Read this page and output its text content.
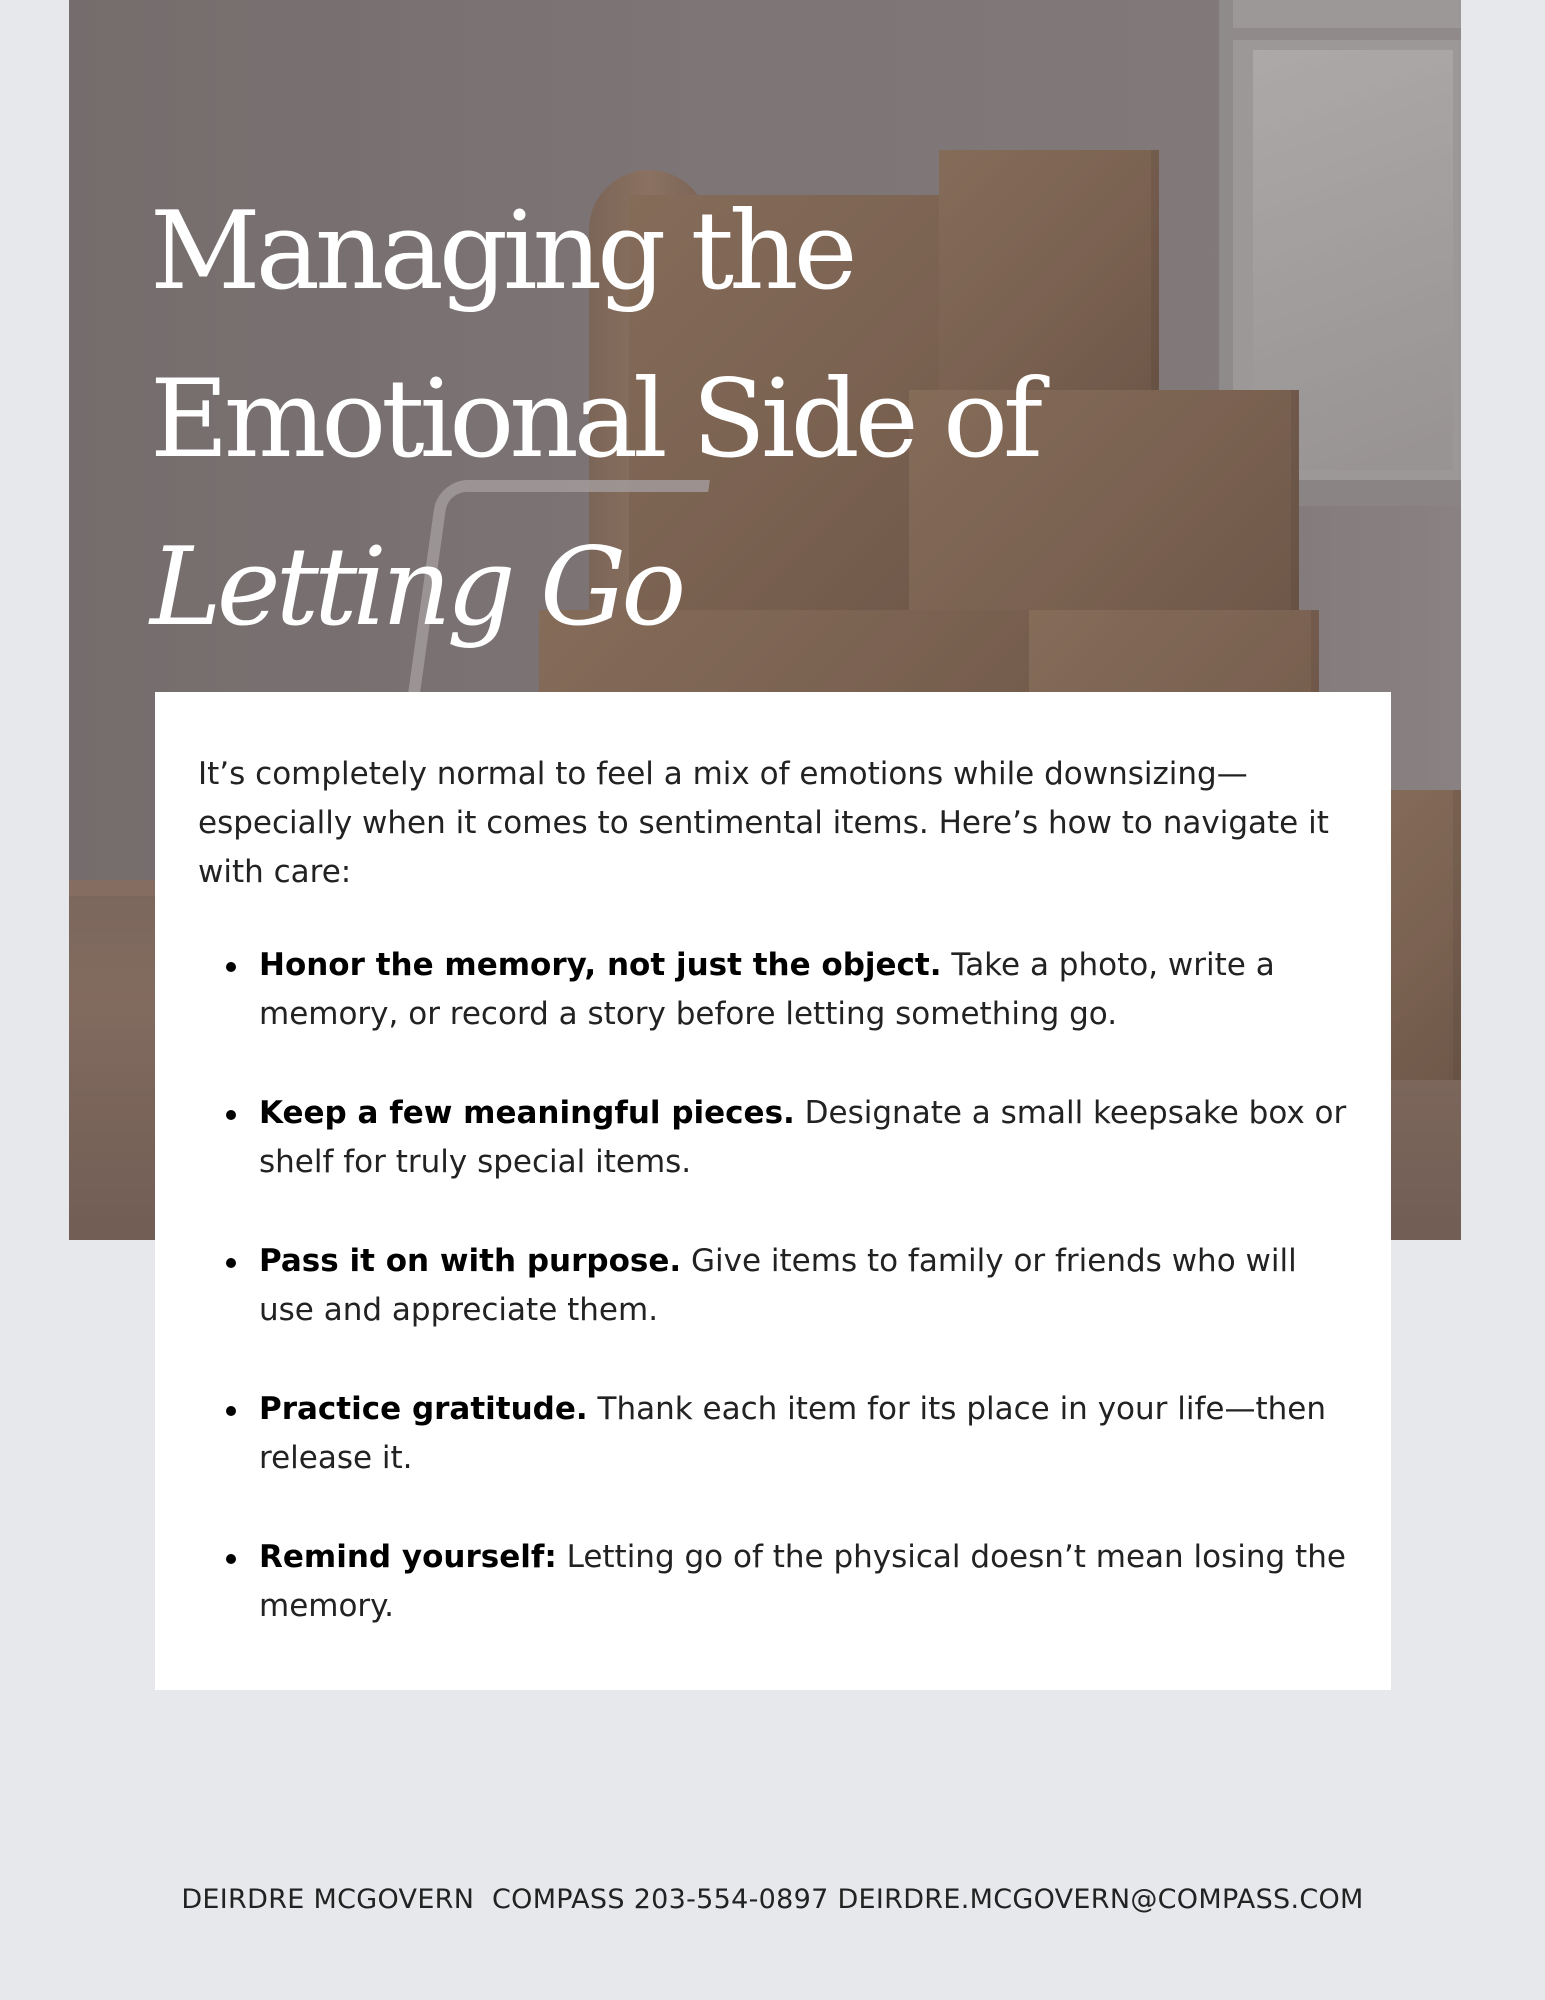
Managing the
Emotional Side of
Letting Go

It’s completely normal to feel a mix of emotions while downsizing—especially when it comes to sentimental items. Here’s how to navigate it with care:

Honor the memory, not just the object. Take a photo, write a memory, or record a story before letting something go.
Keep a few meaningful pieces. Designate a small keepsake box or shelf for truly special items.
Pass it on with purpose. Give items to family or friends who will use and appreciate them.
Practice gratitude. Thank each item for its place in your life—then release it.
Remind yourself: Letting go of the physical doesn’t mean losing the memory.
DEIRDRE MCGOVERN  COMPASS 203-554-0897 DEIRDRE.MCGOVERN@COMPASS.COM
